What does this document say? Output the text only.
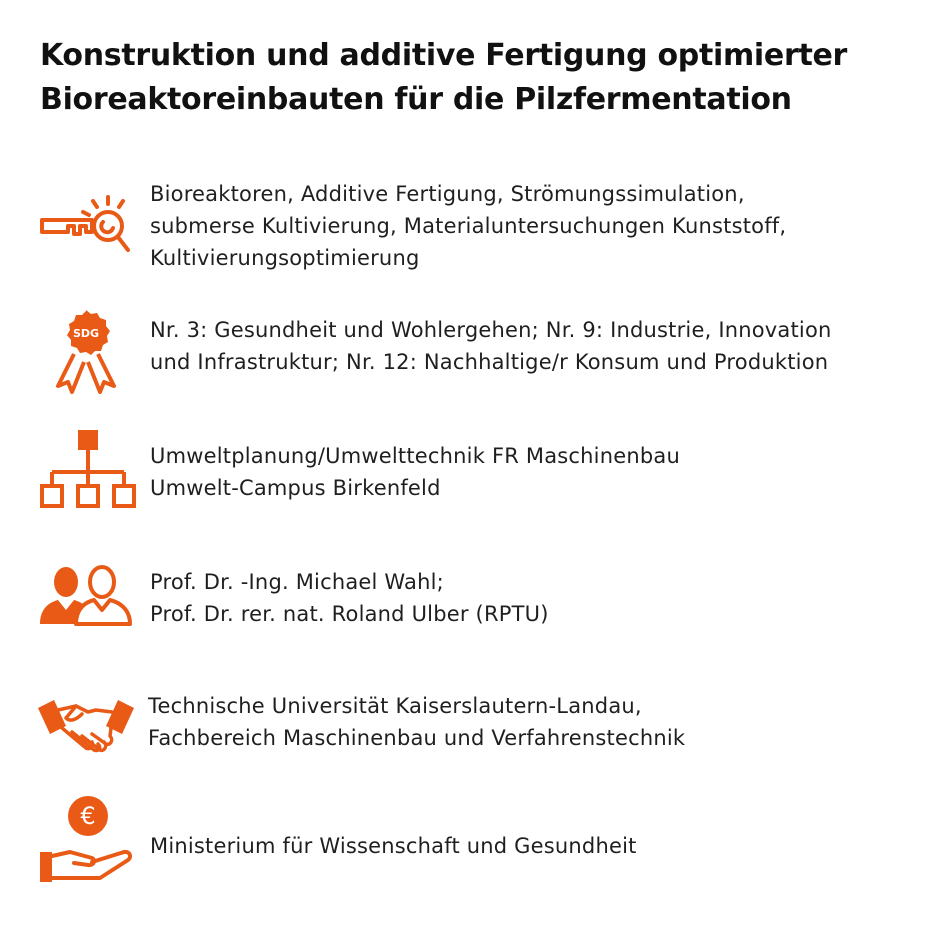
Konstruktion und additive Fertigung optimierter
Bioreaktoreinbauten für die Pilzfermentation
Bioreaktoren, Additive Fertigung, Strömungssimulation,
submerse Kultivierung, Materialuntersuchungen Kunststoff,
Kultivierungsoptimierung
SDG Nr. 3: Gesundheit und Wohlergehen; Nr. 9: Industrie, Innovation
und Infrastruktur; Nr. 12: Nachhaltige/r Konsum und Produktion
Umweltplanung/Umwelttechnik FR Maschinenbau
Umwelt-Campus Birkenfeld
Prof. Dr. -Ing. Michael Wahl;
Prof. Dr. rer. nat. Roland Ulber (RPTU)
Technische Universität Kaiserslautern-Landau,
Fachbereich Maschinenbau und Verfahrenstechnik
€
Ministerium für Wissenschaft und Gesundheit
